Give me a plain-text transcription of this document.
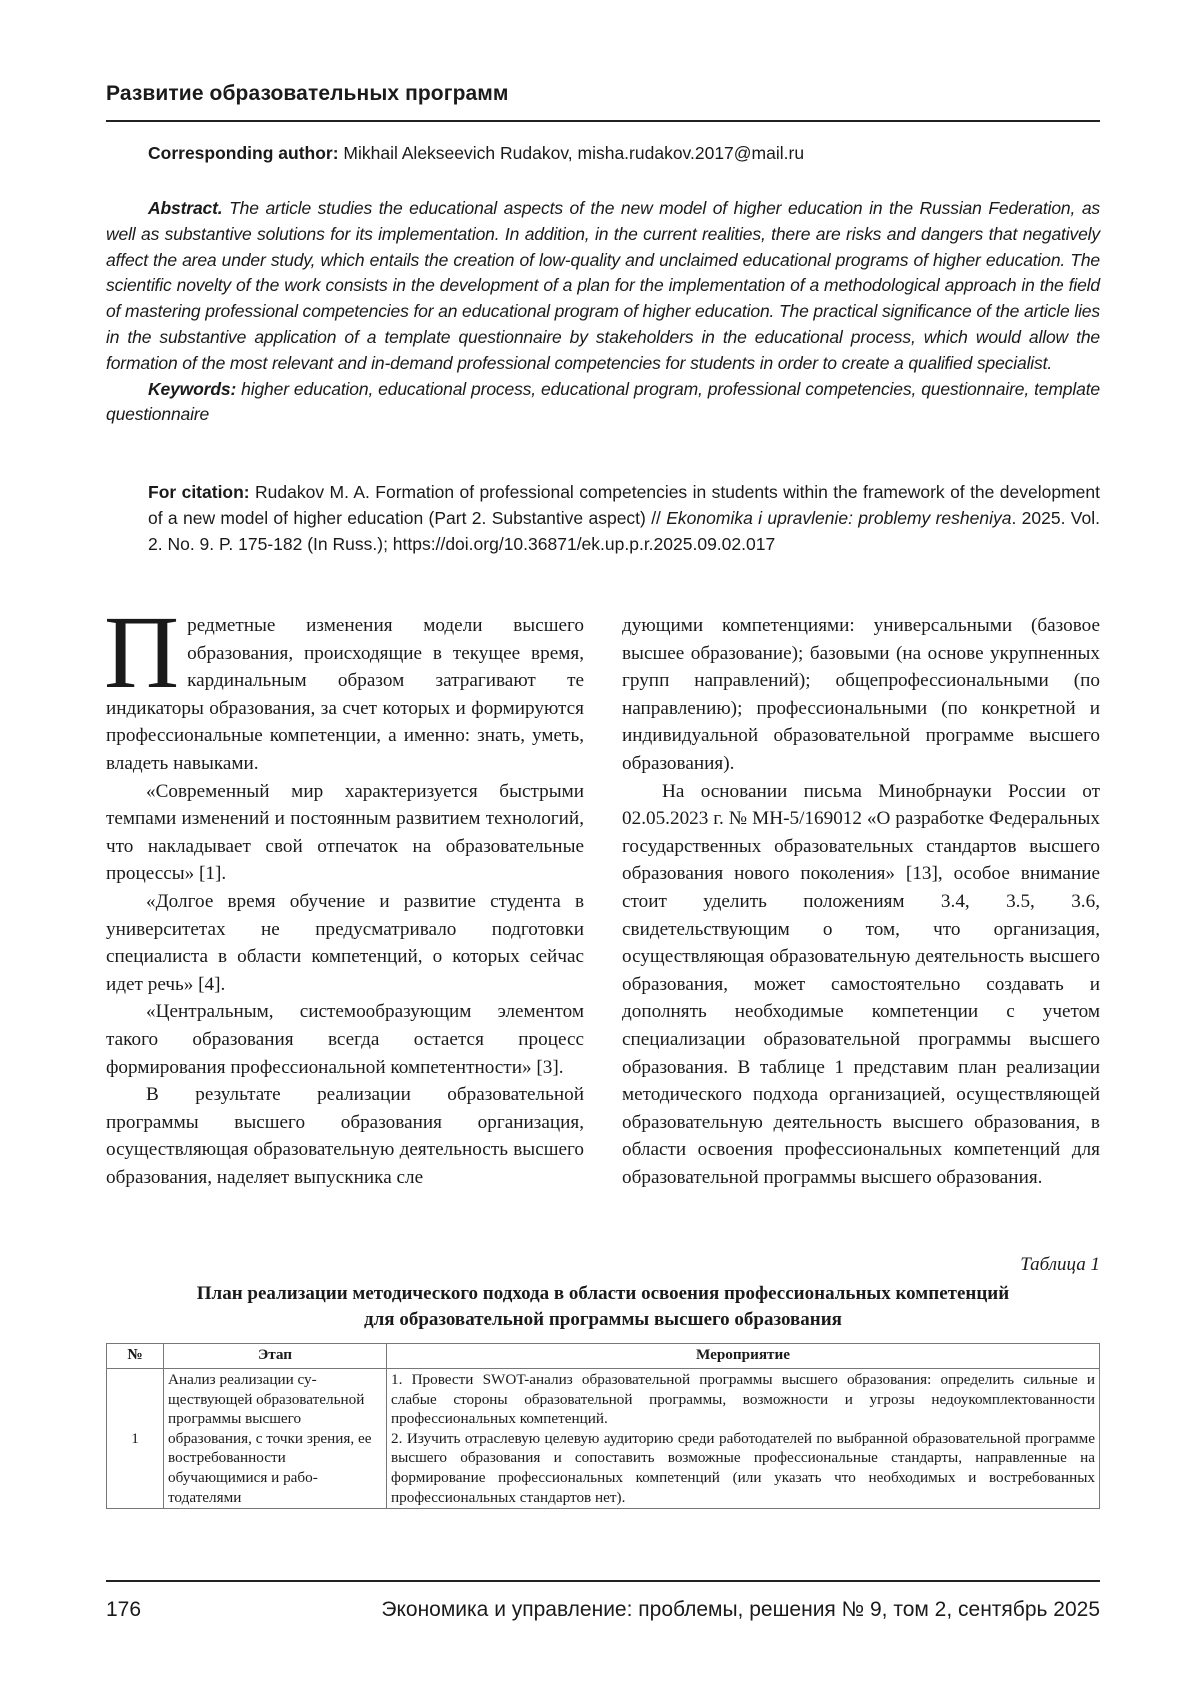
Развитие образовательных программ
Corresponding author: Mikhail Alekseevich Rudakov, misha.rudakov.2017@mail.ru

Abstract. The article studies the educational aspects of the new model of higher education in the Russian Federation, as well as substantive solutions for its implementation. In addition, in the current realities, there are risks and dangers that negatively affect the area under study, which entails the creation of low-quality and unclaimed educational programs of higher education. The scientific novelty of the work consists in the development of a plan for the implementation of a methodological approach in the field of mastering professional competencies for an educational program of higher education. The practical significance of the article lies in the substantive application of a template questionnaire by stakeholders in the educational process, which would allow the formation of the most relevant and in-demand professional competencies for students in order to create a qualified specialist.

Keywords: higher education, educational process, educational program, professional competencies, questionnaire, template questionnaire

For citation: Rudakov M. A. Formation of professional competencies in students within the framework of the development of a new model of higher education (Part 2. Substantive aspect) // Ekonomika i upravlenie: problemy resheniya. 2025. Vol. 2. No. 9. P. 175-182 (In Russ.); https://doi.org/10.36871/ek.up.p.r.2025.09.02.017

Предметные изменения модели высшего образования, происходящие в текущее время, кардинальным образом затрагивают те индикаторы образования, за счет которых и формируются профессиональные компетенции, а именно: знать, уметь, владеть навыками.

«Современный мир характеризуется быстрыми темпами изменений и постоянным развитием технологий, что накладывает свой отпечаток на образовательные процессы» [1].

«Долгое время обучение и развитие студента в университетах не предусматривало подготовки специалиста в области компетенций, о которых сейчас идет речь» [4].

«Центральным, системообразующим элементом такого образования всегда остается процесс формирования профессиональной компетентности» [3].

В результате реализации образовательной программы высшего образования организация, осуществляющая образовательную деятельность высшего образования, наделяет выпускника сле

дующими компетенциями: универсальными (базовое высшее образование); базовыми (на основе укрупненных групп направлений); общепрофессиональными (по направлению); профессиональными (по конкретной и индивидуальной образовательной программе высшего образования).

На основании письма Минобрнауки России от 02.05.2023 г. № МН-5/169012 «О разработке Федеральных государственных образовательных стандартов высшего образования нового поколения» [13], особое внимание стоит уделить положениям 3.4, 3.5, 3.6, свидетельствующим о том, что организация, осуществляющая образовательную деятельность высшего образования, может самостоятельно создавать и дополнять необходимые компетенции с учетом специализации образовательной программы высшего образования. В таблице 1 представим план реализации методического подхода организацией, осуществляющей образовательную деятельность высшего образования, в области освоения профессиональных компетенций для образовательной программы высшего образования.

Таблица 1
План реализации методического подхода в области освоения профессиональных компетенций
для образовательной программы высшего образования
№	Этап	Мероприятие
1	Анализ реализации существующей образовательной программы высшего образования, с точки зрения, ее востребованности обучающимися и работодателями	1. Провести SWOT-анализ образовательной программы высшего образования: определить сильные и слабые стороны образовательной программы, возможности и угрозы недоукомплектованности профессиональных компетенций.
2. Изучить отраслевую целевую аудиторию среди работодателей по выбранной образовательной программе высшего образования и сопоставить возможные профессиональные стандарты, направленные на формирование профессиональных компетенций (или указать что необходимых и востребованных профессиональных стандартов нет).
176	Экономика и управление: проблемы, решения № 9, том 2, сентябрь 2025
